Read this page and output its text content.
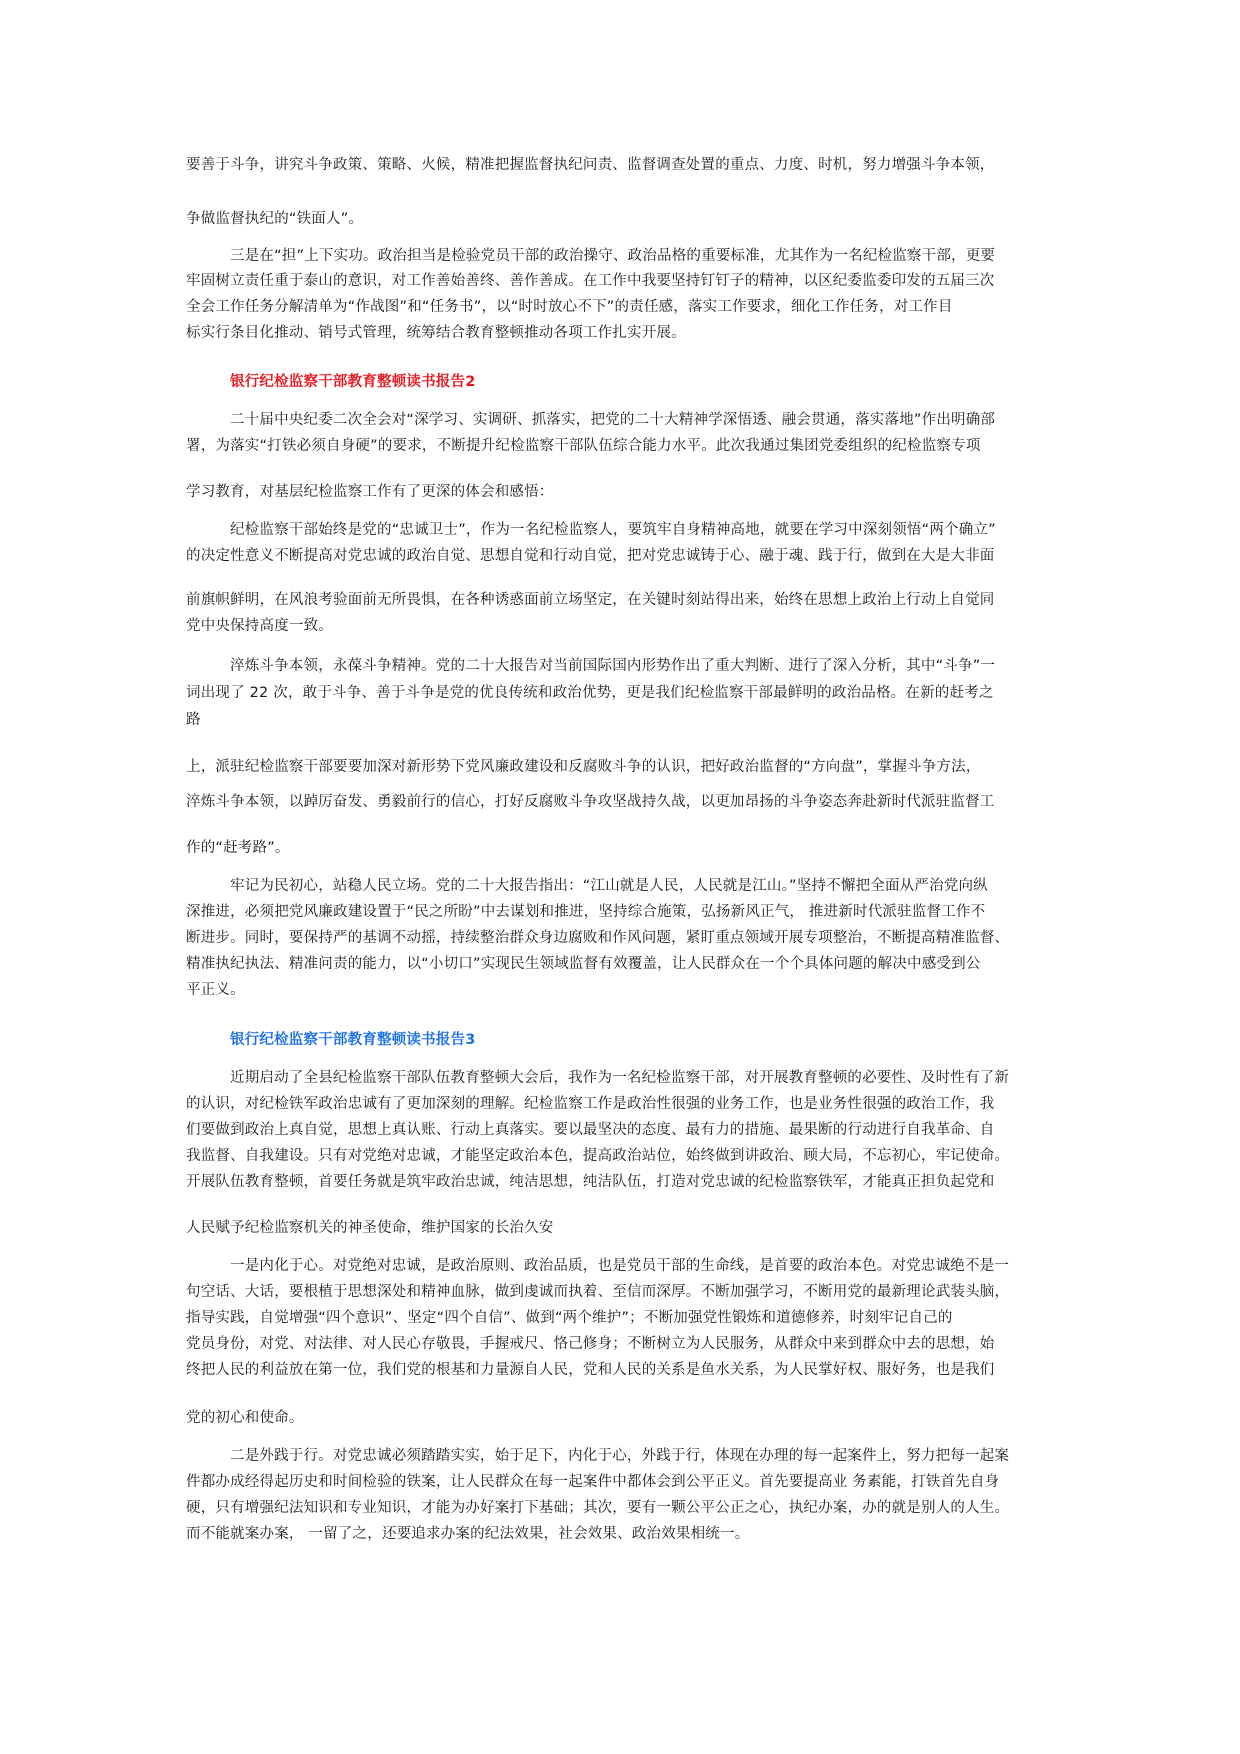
要善于斗争，讲究斗争政策、策略、火候，精准把握监督执纪问责、监督调查处置的重点、力度、时机，努力增强斗争本领，
争做监督执纪的“铁面人”。
三是在“担”上下实功。政治担当是检验党员干部的政治操守、政治品格的重要标准，尤其作为一名纪检监察干部，更要
牢固树立责任重于泰山的意识，对工作善始善终、善作善成。在工作中我要坚持钉钉子的精神，以区纪委监委印发的五届三次
全会工作任务分解清单为“作战图”和“任务书”，以“时时放心不下”的责任感，落实工作要求，细化工作任务，对工作目
标实行条目化推动、销号式管理，统筹结合教育整顿推动各项工作扎实开展。
银行纪检监察干部教育整顿读书报告2
二十届中央纪委二次全会对“深学习、实调研、抓落实，把党的二十大精神学深悟透、融会贯通，落实落地”作出明确部
署，为落实“打铁必须自身硬”的要求，不断提升纪检监察干部队伍综合能力水平。此次我通过集团党委组织的纪检监察专项
学习教育，对基层纪检监察工作有了更深的体会和感悟：
纪检监察干部始终是党的“忠诚卫士”，作为一名纪检监察人，要筑牢自身精神高地，就要在学习中深刻领悟“两个确立”
的决定性意义不断提高对党忠诚的政治自觉、思想自觉和行动自觉，把对党忠诚铸于心、融于魂、践于行，做到在大是大非面
前旗帜鲜明，在风浪考验面前无所畏惧，在各种诱惑面前立场坚定，在关键时刻站得出来，始终在思想上政治上行动上自觉同
党中央保持高度一致。
淬炼斗争本领，永葆斗争精神。党的二十大报告对当前国际国内形势作出了重大判断、进行了深入分析，其中“斗争”一
词出现了 22 次，敢于斗争、善于斗争是党的优良传统和政治优势，更是我们纪检监察干部最鲜明的政治品格。在新的赶考之
路
上，派驻纪检监察干部要要加深对新形势下党风廉政建设和反腐败斗争的认识，把好政治监督的“方向盘”，掌握斗争方法，
淬炼斗争本领，以踔厉奋发、勇毅前行的信心，打好反腐败斗争攻坚战持久战，以更加昂扬的斗争姿态奔赴新时代派驻监督工
作的“赶考路”。
牢记为民初心，站稳人民立场。党的二十大报告指出：“江山就是人民，人民就是江山。”坚持不懈把全面从严治党向纵
深推进，必须把党风廉政建设置于“民之所盼”中去谋划和推进，坚持综合施策，弘扬新风正气， 推进新时代派驻监督工作不
断进步。同时，要保持严的基调不动摇，持续整治群众身边腐败和作风问题，紧盯重点领域开展专项整治，不断提高精准监督、
精准执纪执法、精准问责的能力，以“小切口”实现民生领域监督有效覆盖，让人民群众在一个个具体问题的解决中感受到公
平正义。
银行纪检监察干部教育整顿读书报告3
近期启动了全县纪检监察干部队伍教育整顿大会后，我作为一名纪检监察干部，对开展教育整顿的必要性、及时性有了新
的认识，对纪检铁军政治忠诚有了更加深刻的理解。纪检监察工作是政治性很强的业务工作，也是业务性很强的政治工作，我
们要做到政治上真自觉，思想上真认账、行动上真落实。要以最坚决的态度、最有力的措施、最果断的行动进行自我革命、自
我监督、自我建设。只有对党绝对忠诚，才能坚定政治本色，提高政治站位，始终做到讲政治、顾大局，不忘初心，牢记使命。
开展队伍教育整顿，首要任务就是筑牢政治忠诚，纯洁思想，纯洁队伍，打造对党忠诚的纪检监察铁军，才能真正担负起党和
人民赋予纪检监察机关的神圣使命，维护国家的长治久安
一是内化于心。对党绝对忠诚，是政治原则、政治品质，也是党员干部的生命线，是首要的政治本色。对党忠诚绝不是一
句空话、大话，要根植于思想深处和精神血脉，做到虔诚而执着、至信而深厚。不断加强学习，不断用党的最新理论武装头脑，
指导实践，自觉增强“四个意识”、坚定“四个自信”、做到“两个维护”；不断加强党性锻炼和道德修养，时刻牢记自己的
党员身份，对党、对法律、对人民心存敬畏，手握戒尺、恪己修身；不断树立为人民服务，从群众中来到群众中去的思想，始
终把人民的利益放在第一位，我们党的根基和力量源自人民，党和人民的关系是鱼水关系，为人民掌好权、服好务，也是我们
党的初心和使命。
二是外践于行。对党忠诚必须踏踏实实，始于足下，内化于心，外践于行，体现在办理的每一起案件上，努力把每一起案
件都办成经得起历史和时间检验的铁案，让人民群众在每一起案件中都体会到公平正义。首先要提高业 务素能，打铁首先自身
硬，只有增强纪法知识和专业知识，才能为办好案打下基础；其次，要有一颗公平公正之心，执纪办案，办的就是别人的人生。
而不能就案办案， 一留了之，还要追求办案的纪法效果，社会效果、政治效果相统一。
